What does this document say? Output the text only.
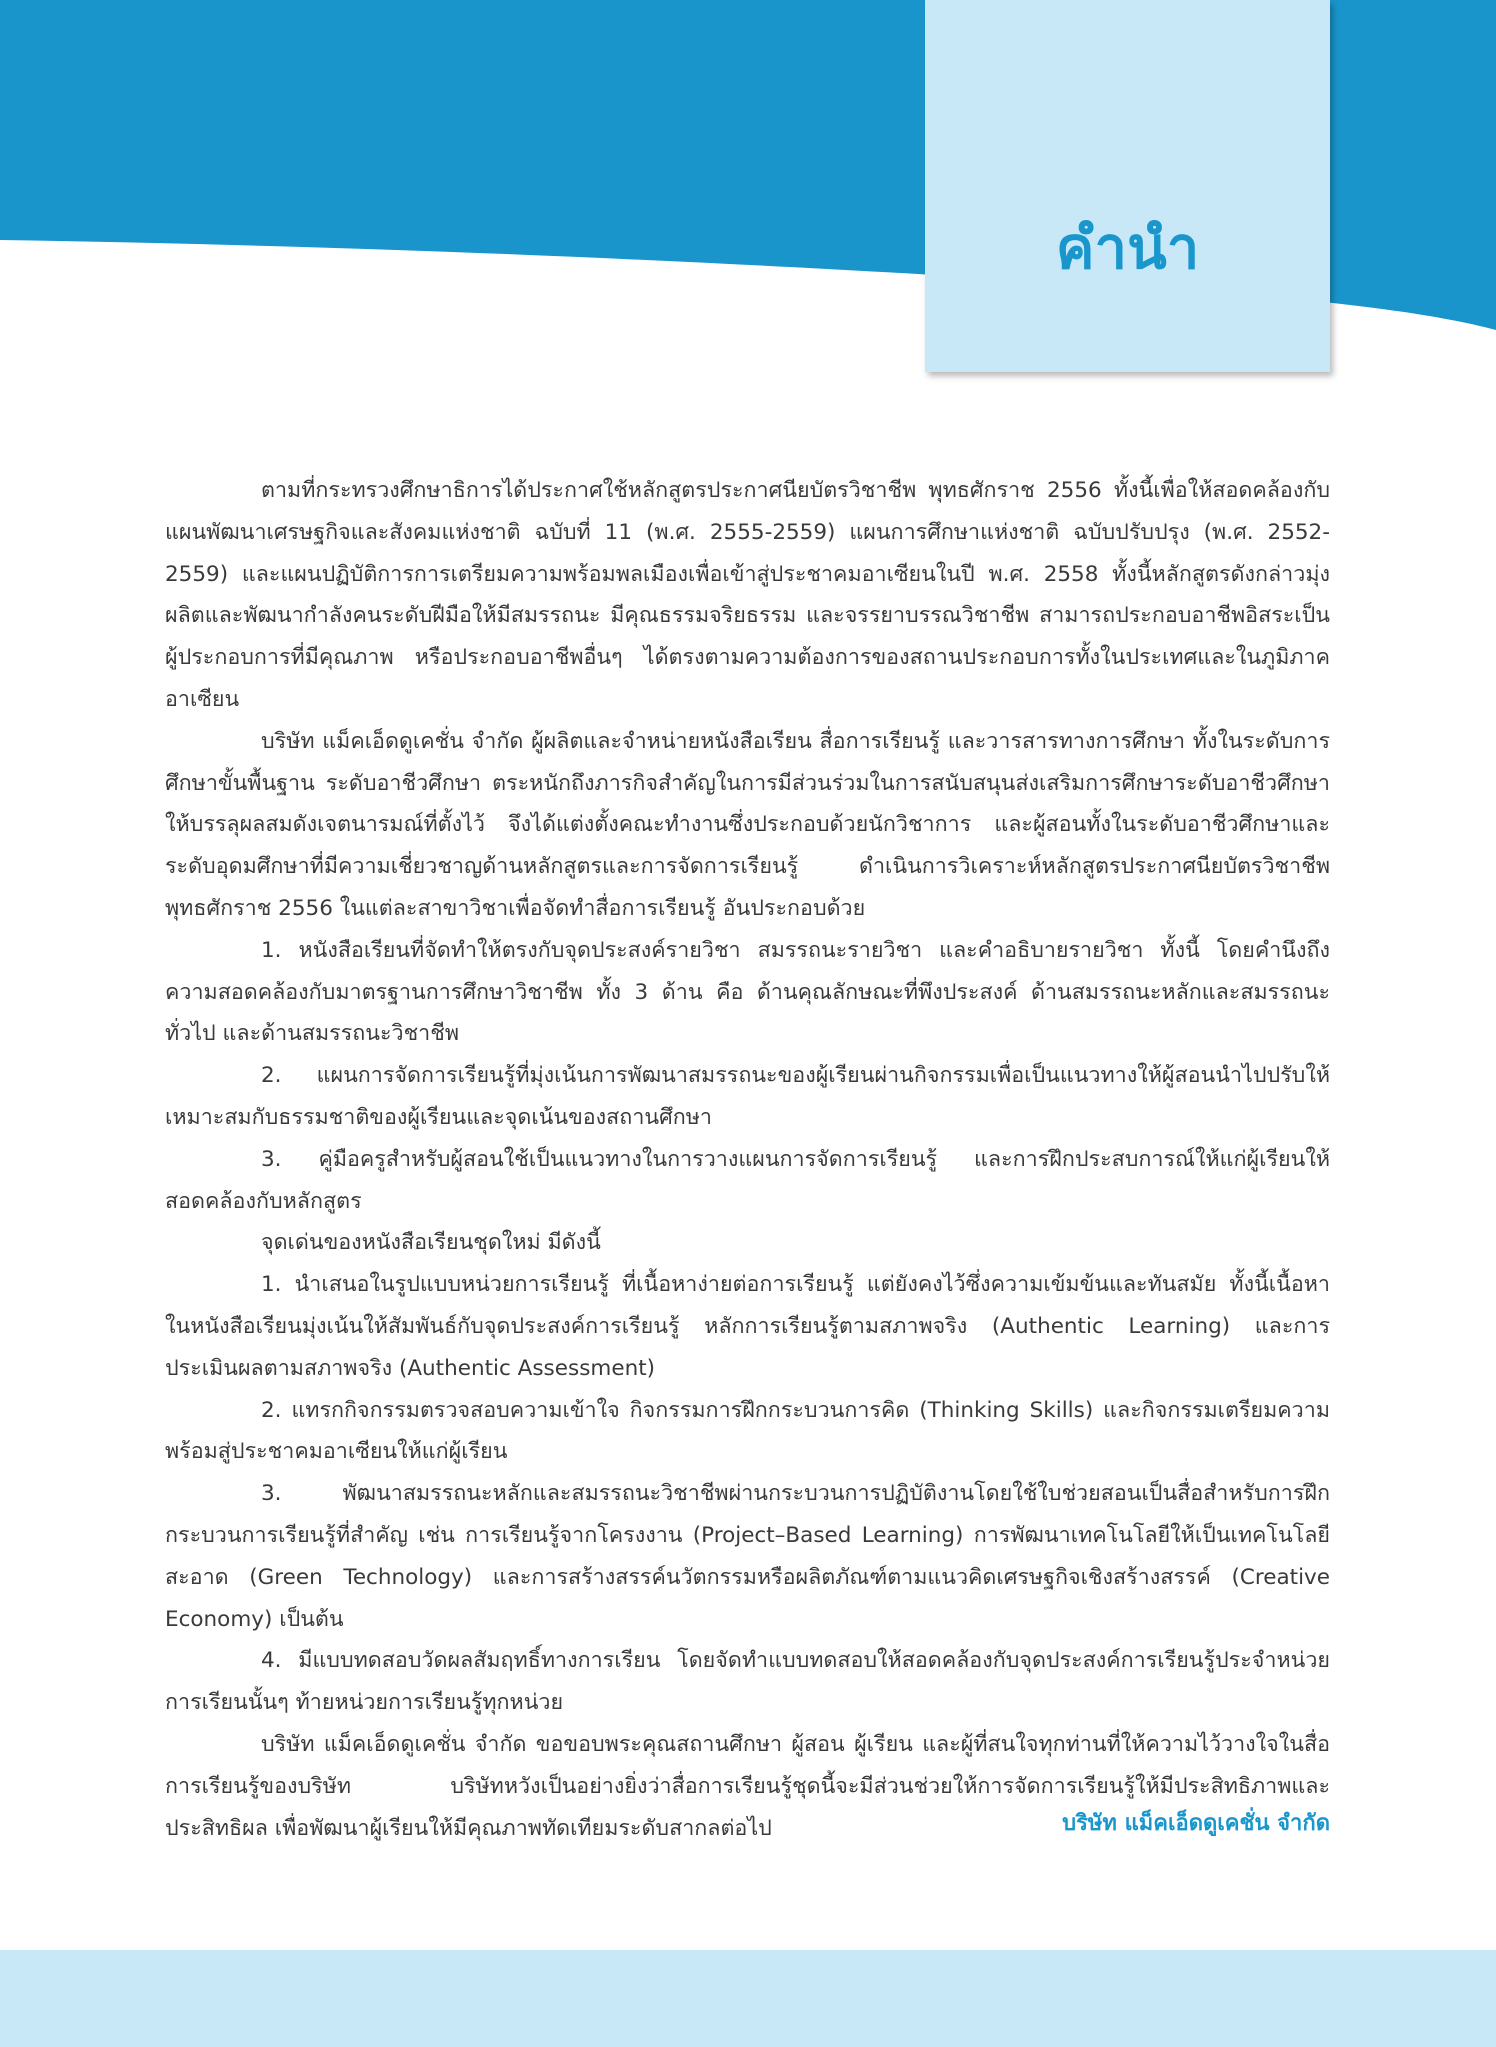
คำนำ

ตามที่กระทรวงศึกษาธิการได้ประกาศใช้หลักสูตรประกาศนียบัตรวิชาชีพ พุทธศักราช 2556 ทั้งนี้เพื่อให้สอดคล้องกับแผนพัฒนาเศรษฐกิจและสังคมแห่งชาติ ฉบับที่ 11 (พ.ศ. 2555-2559) แผนการศึกษาแห่งชาติ ฉบับปรับปรุง (พ.ศ. 2552-2559) และแผนปฏิบัติการการเตรียมความพร้อมพลเมืองเพื่อเข้าสู่ประชาคมอาเซียนในปี พ.ศ. 2558 ทั้งนี้หลักสูตรดังกล่าวมุ่งผลิตและพัฒนากำลังคนระดับฝีมือให้มีสมรรถนะ มีคุณธรรมจริยธรรม และจรรยาบรรณวิชาชีพ สามารถประกอบอาชีพอิสระเป็นผู้ประกอบการที่มีคุณภาพ หรือประกอบอาชีพอื่นๆ ได้ตรงตามความต้องการของสถานประกอบการทั้งในประเทศและในภูมิภาคอาเซียน

บริษัท แม็คเอ็ดดูเคชั่น จำกัด ผู้ผลิตและจำหน่ายหนังสือเรียน สื่อการเรียนรู้ และวารสารทางการศึกษา ทั้งในระดับการศึกษาขั้นพื้นฐาน ระดับอาชีวศึกษา ตระหนักถึงภารกิจสำคัญในการมีส่วนร่วมในการสนับสนุนส่งเสริมการศึกษาระดับอาชีวศึกษาให้บรรลุผลสมดังเจตนารมณ์ที่ตั้งไว้ จึงได้แต่งตั้งคณะทำงานซึ่งประกอบด้วยนักวิชาการ และผู้สอนทั้งในระดับอาชีวศึกษาและระดับอุดมศึกษาที่มีความเชี่ยวชาญด้านหลักสูตรและการจัดการเรียนรู้ ดำเนินการวิเคราะห์หลักสูตรประกาศนียบัตรวิชาชีพ พุทธศักราช 2556 ในแต่ละสาขาวิชาเพื่อจัดทำสื่อการเรียนรู้ อันประกอบด้วย

1. หนังสือเรียนที่จัดทำให้ตรงกับจุดประสงค์รายวิชา สมรรถนะรายวิชา และคำอธิบายรายวิชา ทั้งนี้ โดยคำนึงถึงความสอดคล้องกับมาตรฐานการศึกษาวิชาชีพ ทั้ง 3 ด้าน คือ ด้านคุณลักษณะที่พึงประสงค์ ด้านสมรรถนะหลักและสมรรถนะทั่วไป และด้านสมรรถนะวิชาชีพ

2. แผนการจัดการเรียนรู้ที่มุ่งเน้นการพัฒนาสมรรถนะของผู้เรียนผ่านกิจกรรมเพื่อเป็นแนวทางให้ผู้สอนนำไปปรับให้เหมาะสมกับธรรมชาติของผู้เรียนและจุดเน้นของสถานศึกษา

3. คู่มือครูสำหรับผู้สอนใช้เป็นแนวทางในการวางแผนการจัดการเรียนรู้ และการฝึกประสบการณ์ให้แก่ผู้เรียนให้สอดคล้องกับหลักสูตร

จุดเด่นของหนังสือเรียนชุดใหม่ มีดังนี้

1. นำเสนอในรูปแบบหน่วยการเรียนรู้ ที่เนื้อหาง่ายต่อการเรียนรู้ แต่ยังคงไว้ซึ่งความเข้มข้นและทันสมัย ทั้งนี้เนื้อหาในหนังสือเรียนมุ่งเน้นให้สัมพันธ์กับจุดประสงค์การเรียนรู้ หลักการเรียนรู้ตามสภาพจริง (Authentic Learning) และการประเมินผลตามสภาพจริง (Authentic Assessment)

2. แทรกกิจกรรมตรวจสอบความเข้าใจ กิจกรรมการฝึกกระบวนการคิด (Thinking Skills) และกิจกรรมเตรียมความพร้อมสู่ประชาคมอาเซียนให้แก่ผู้เรียน

3. พัฒนาสมรรถนะหลักและสมรรถนะวิชาชีพผ่านกระบวนการปฏิบัติงานโดยใช้ใบช่วยสอนเป็นสื่อสำหรับการฝึกกระบวนการเรียนรู้ที่สำคัญ เช่น การเรียนรู้จากโครงงาน (Project–Based Learning) การพัฒนาเทคโนโลยีให้เป็นเทคโนโลยีสะอาด (Green Technology) และการสร้างสรรค์นวัตกรรมหรือผลิตภัณฑ์ตามแนวคิดเศรษฐกิจเชิงสร้างสรรค์ (Creative Economy) เป็นต้น

4. มีแบบทดสอบวัดผลสัมฤทธิ์ทางการเรียน โดยจัดทำแบบทดสอบให้สอดคล้องกับจุดประสงค์การเรียนรู้ประจำหน่วยการเรียนนั้นๆ ท้ายหน่วยการเรียนรู้ทุกหน่วย

บริษัท แม็คเอ็ดดูเคชั่น จำกัด ขอขอบพระคุณสถานศึกษา ผู้สอน ผู้เรียน และผู้ที่สนใจทุกท่านที่ให้ความไว้วางใจในสื่อการเรียนรู้ของบริษัท บริษัทหวังเป็นอย่างยิ่งว่าสื่อการเรียนรู้ชุดนี้จะมีส่วนช่วยให้การจัดการเรียนรู้ให้มีประสิทธิภาพและประสิทธิผล เพื่อพัฒนาผู้เรียนให้มีคุณภาพทัดเทียมระดับสากลต่อไป	บริษัท แม็คเอ็ดดูเคชั่น จำกัด
